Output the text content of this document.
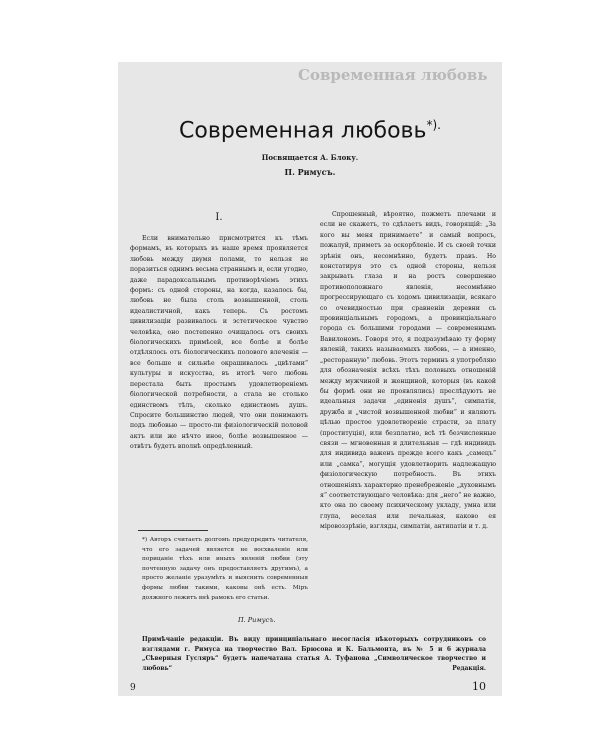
Современная любовь
Современная любовь*).
Посвящается А. Блоку.
П. Римусъ.
I.

Если внимательно присмотрится къ тѣмъ формамъ, въ которыхъ въ наше время проявляется любовь между двумя полами, то нельзя не поразиться однимъ весьма страннымъ и, если угодно, даже парадоксальнымъ противорѣчіемъ этихъ формъ: съ одной стороны, на когда, казалось бы, любовь не была столь возвышенной, столь идеалистичной, какъ теперь. Съ ростомъ цивилизаціи развивалось и эстетическое чувство человѣка, оно постепенно очищалось отъ своихъ біологическихъ примѣсей, все болѣе и болѣе отдѣлялось отъ біологическихъ полового влеченія — все больше и сильнѣе окрашивалось „цвѣтами“ культуры и искусства, въ итогѣ чего любовь перестала быть простымъ удовлетвореніемъ біологической потребности, а стала не столько единствомъ тѣлъ, сколько единствомъ душъ. Спросите большинство людей, что они понимаютъ подъ любовью — просто-ли физіологическій половой актъ или же нѣчто иное, болѣе возвышенное — отвѣтъ будетъ вполнѣ опредѣленный.

*) Авторъ считаетъ долгомъ предупредить читателя, что его задачей является не восхваленіе или порицаніе тѣхъ или иныхъ явленій любви (эту почтенную задачу онъ предоставляетъ другимъ), а просто желаніе уразумѣть и выяснить современныя формы любви такими, каковы онѣ есть. Міръ должного лежитъ внѣ рамокъ его статьи.
П. Римусъ.

Спрошенный, вѣроятно, пожметъ плечами и если не скажетъ, то сдѣлаетъ видъ, говорящій: „За кого вы меня принимаете“ и самый вопросъ, пожалуй, приметъ за оскорбленіе. И съ своей точки зрѣнія онъ, несомнѣнно, будетъ правъ. Но констатируя это съ одной стороны, нельзя закрывать глаза и на ростъ совершенно противоположнаго явленія, несомнѣнно прогрессирующаго съ ходомъ цивилизаціи, всякаго со очевидностью при сравненіи деревни съ провинціальнымъ городомъ, а провинціальнаго города съ большими городами — современнымъ Вавилономъ. Говоря это, я подразумѣваю ту форму явленій, такихъ называемыхъ любовь, — а именно, „ресторанную“ любовь. Этотъ терминъ я употребляю для обозначенія всѣхъ тѣхъ половыхъ отношеній между мужчиной и женщиной, которыя (въ какой бы формѣ они не проявлялись) преслѣдуютъ не идеальныя задачи „единенія душъ“, симпатія, дружба и „чистой возвышенной любви“ и являютъ цѣлью простое удовлетвореніе страсти, за плату (проституція), или безплатно, всѣ тѣ безчисленные связи — мгновенныя и длительныя — гдѣ индивидъ для индивида важенъ прежде всего какъ „самецъ“ или „самка“, могущія удовлетворить надлежащую физіологическую потребность. Въ этихъ отношеніяхъ характерно пренебреженіе „духовнымъ я“ соответствующаго человѣка: для „него“ не важно, кто она по своему психическому укладу, умна или глупа, веселая или печальная, каково ея міровоззрѣніе, взгляды, симпатіи, антипатіи и т. д.

Примѣчаніе редакціи. Въ виду принципіальнаго несогласія нѣкоторыхъ сотрудниковъ со взглядами г. Римуса на творчество Вал. Брюсова и К. Бальмонта, въ № 5 и 6 журнала „Сѣверныя Гусляръ“ будетъ напечатана статья А. Туфанова „Символическое творчество и любовь“	Редакція.
9	10
